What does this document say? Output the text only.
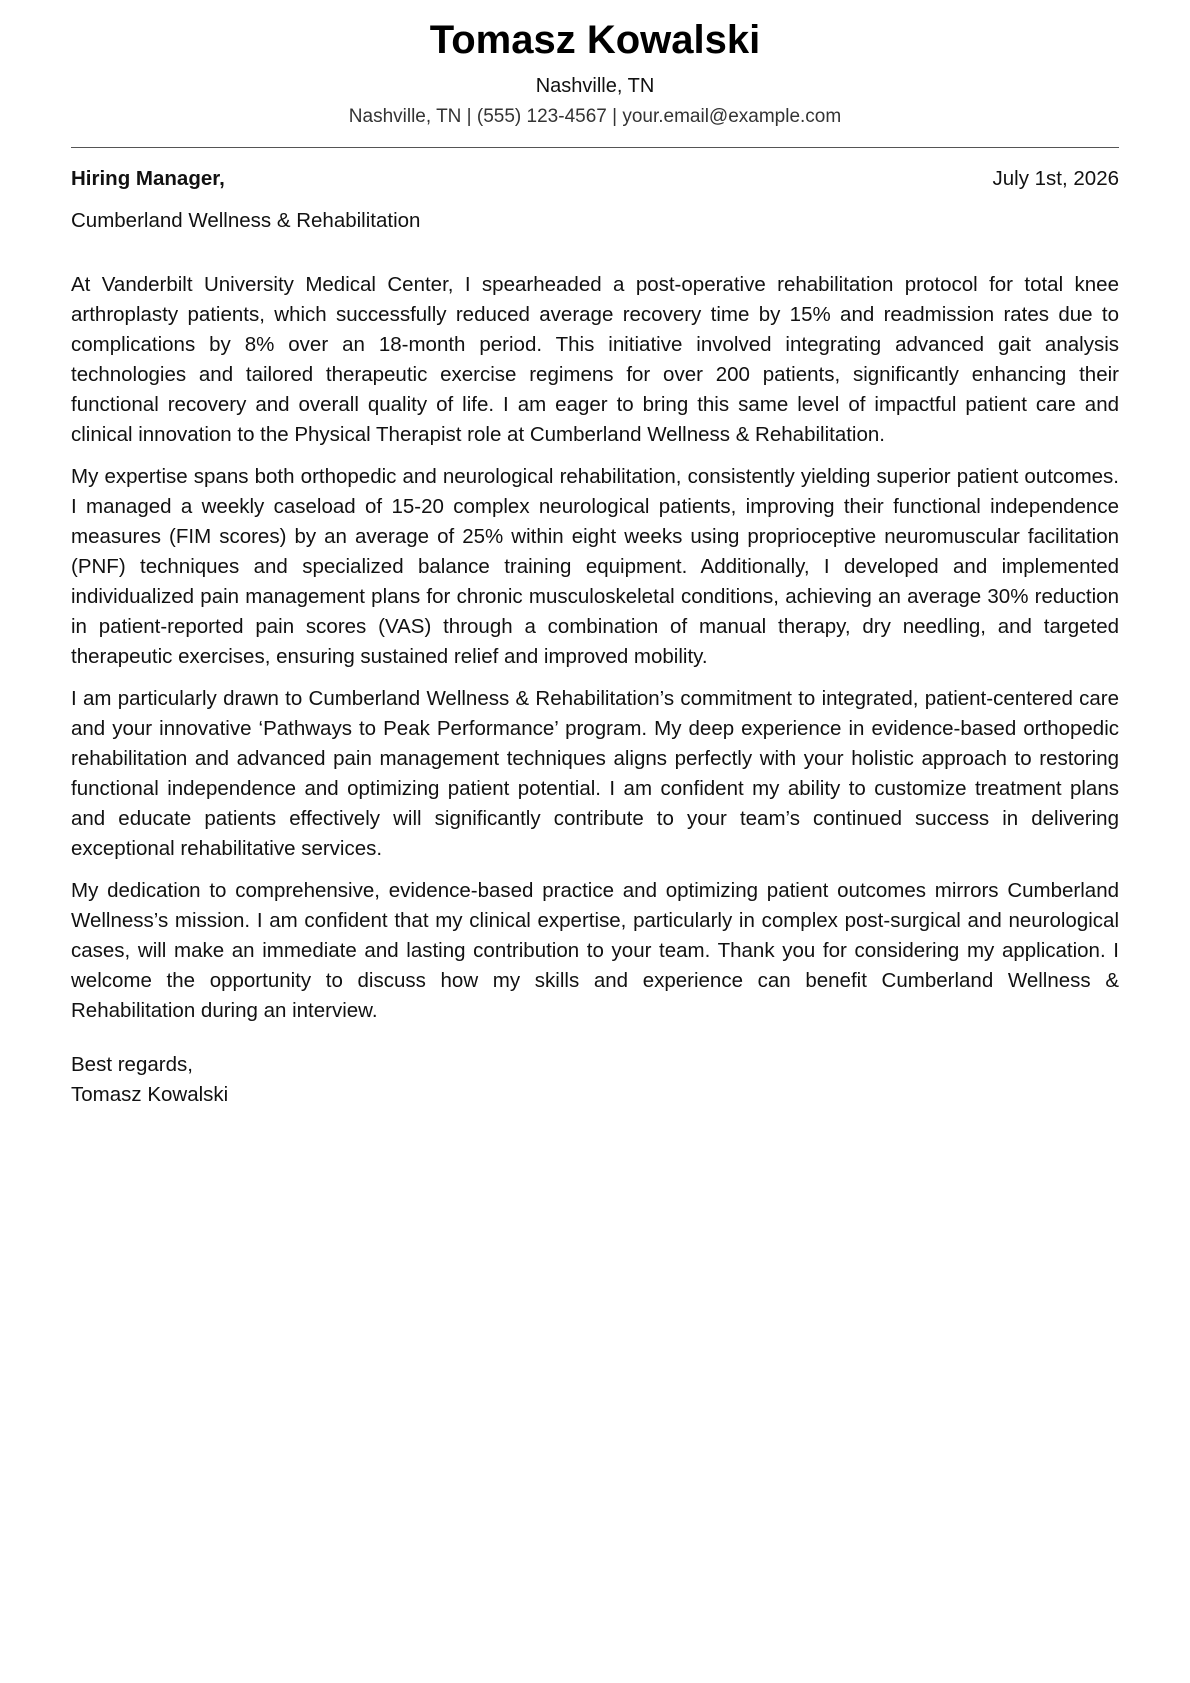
Tomasz Kowalski
Nashville, TN
Nashville, TN | (555) 123-4567 | your.email@example.com
Hiring Manager,	July 1st, 2026
Cumberland Wellness & Rehabilitation

At Vanderbilt University Medical Center, I spearheaded a post-operative rehabilitation protocol for total knee arthroplasty patients, which successfully reduced average recovery time by 15% and readmission rates due to complications by 8% over an 18-month period. This initiative involved integrating advanced gait analysis technologies and tailored therapeutic exercise regimens for over 200 patients, significantly enhancing their functional recovery and overall quality of life. I am eager to bring this same level of impactful patient care and clinical innovation to the Physical Therapist role at Cumberland Wellness & Rehabilitation.

My expertise spans both orthopedic and neurological rehabilitation, consistently yielding superior patient outcomes. I managed a weekly caseload of 15-20 complex neurological patients, improving their functional independence measures (FIM scores) by an average of 25% within eight weeks using proprioceptive neuromuscular facilitation (PNF) techniques and specialized balance training equipment. Additionally, I developed and implemented individualized pain management plans for chronic musculoskeletal conditions, achieving an average 30% reduction in patient-reported pain scores (VAS) through a combination of manual therapy, dry needling, and targeted therapeutic exercises, ensuring sustained relief and improved mobility.

I am particularly drawn to Cumberland Wellness & Rehabilitation’s commitment to integrated, patient-centered care and your innovative ‘Pathways to Peak Performance’ program. My deep experience in evidence-based orthopedic rehabilitation and advanced pain management techniques aligns perfectly with your holistic approach to restoring functional independence and optimizing patient potential. I am confident my ability to customize treatment plans and educate patients effectively will significantly contribute to your team’s continued success in delivering exceptional rehabilitative services.

My dedication to comprehensive, evidence-based practice and optimizing patient outcomes mirrors Cumberland Wellness’s mission. I am confident that my clinical expertise, particularly in complex post-surgical and neurological cases, will make an immediate and lasting contribution to your team. Thank you for considering my application. I welcome the opportunity to discuss how my skills and experience can benefit Cumberland Wellness & Rehabilitation during an interview.

Best regards,
Tomasz Kowalski
